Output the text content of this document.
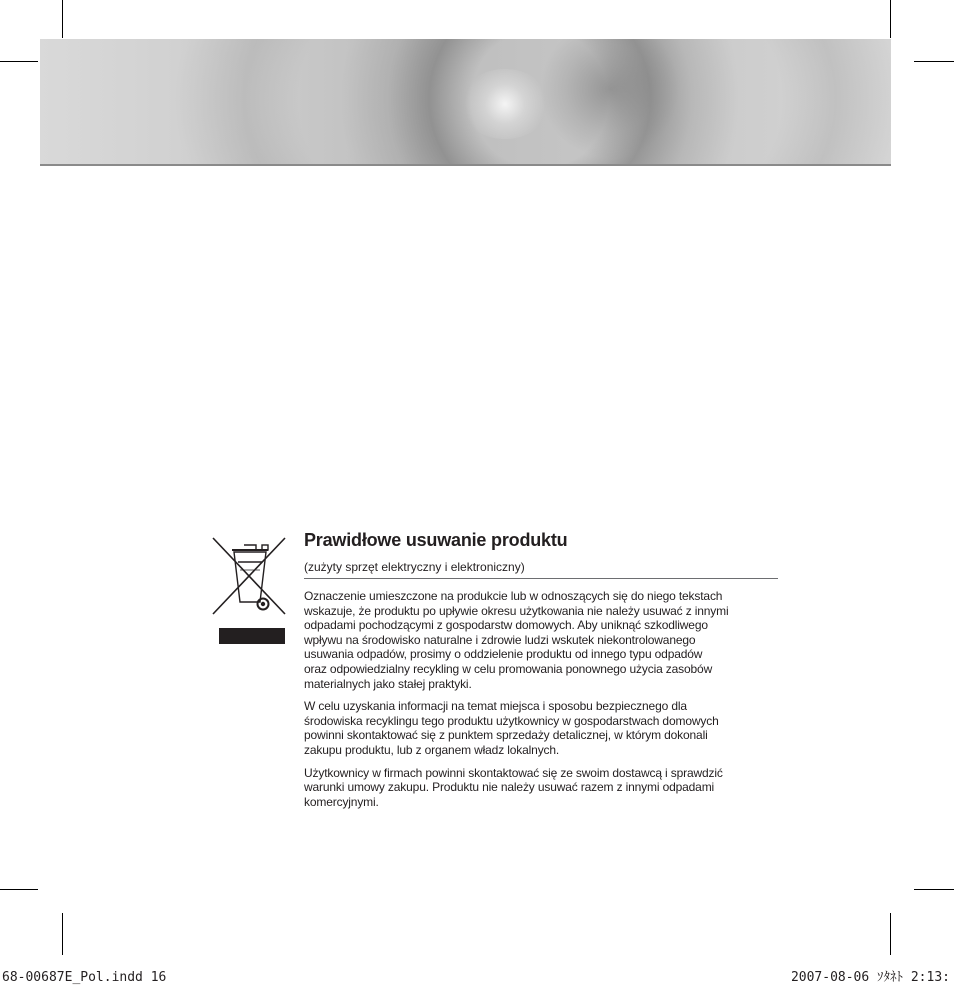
Prawidłowe usuwanie produktu
(zużyty sprzęt elektryczny i elektroniczny)

Oznaczenie umieszczone na produkcie lub w odnoszących się do niego tekstach
wskazuje, że produktu po upływie okresu użytkowania nie należy usuwać z innymi
odpadami pochodzącymi z gospodarstw domowych. Aby uniknąć szkodliwego
wpływu na środowisko naturalne i zdrowie ludzi wskutek niekontrolowanego
usuwania odpadów, prosimy o oddzielenie produktu od innego typu odpadów
oraz odpowiedzialny recykling w celu promowania ponownego użycia zasobów
materialnych jako stałej praktyki.

W celu uzyskania informacji na temat miejsca i sposobu bezpiecznego dla
środowiska recyklingu tego produktu użytkownicy w gospodarstwach domowych
powinni skontaktować się z punktem sprzedaży detalicznej, w którym dokonali
zakupu produktu, lub z organem władz lokalnych.

Użytkownicy w firmach powinni skontaktować się ze swoim dostawcą i sprawdzić
warunki umowy zakupu. Produktu nie należy usuwać razem z innymi odpadami
komercyjnymi.

68-00687E_Pol.indd 16	2007-08-06 ｿﾀﾈﾄ 2:13:
